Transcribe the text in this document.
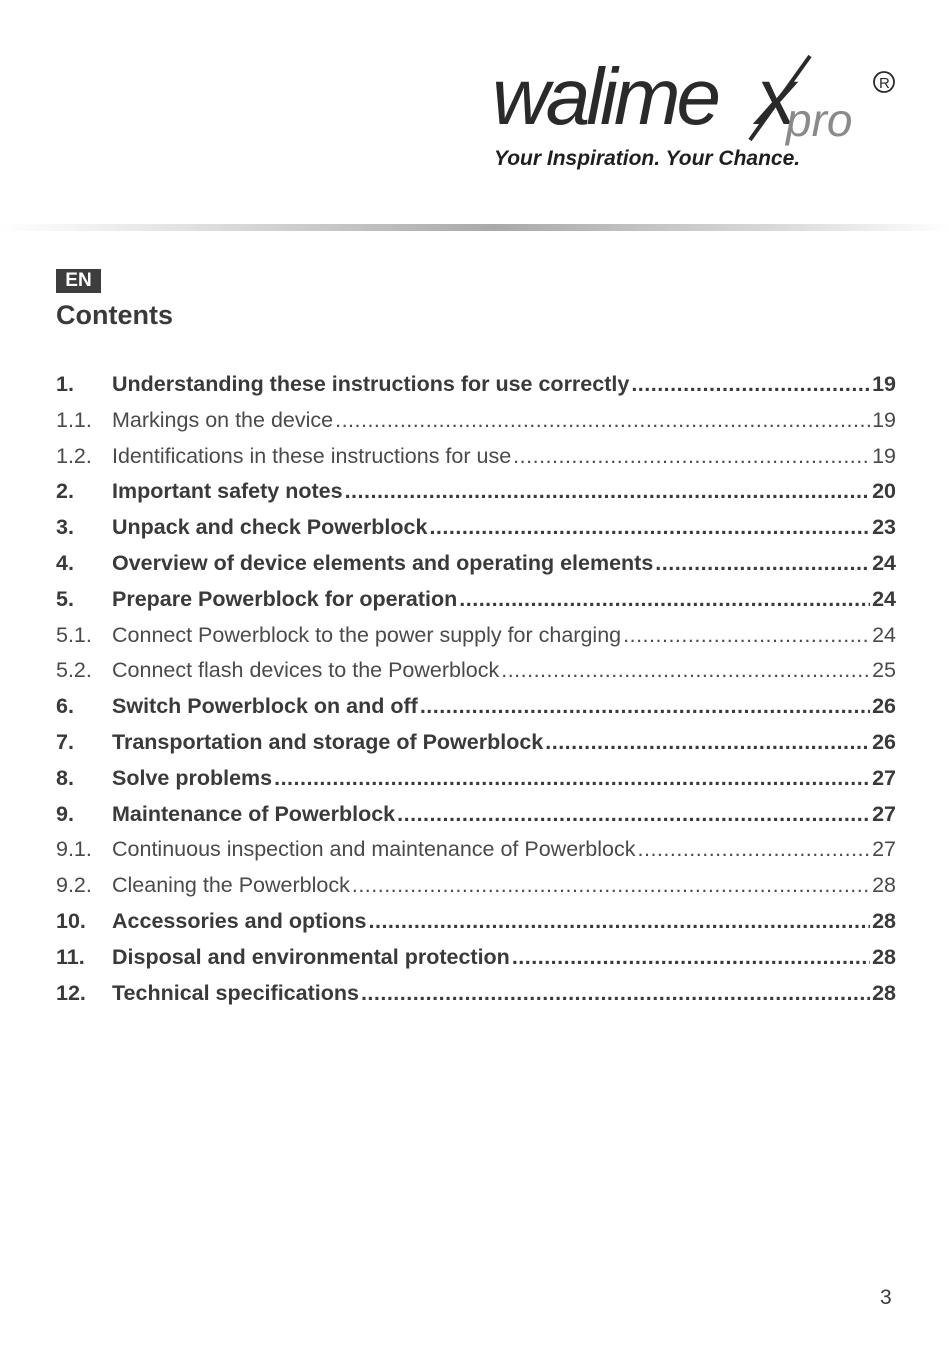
walime x
pro
R
Your Inspiration. Your Chance.
EN
Contents
1.	Understanding these instructions for use correctly .....	19
1.1. Markings on the device .....	19
1.2. Identifications in these instructions for use .....	19
2.	Important safety notes .....	20
3.	Unpack and check Powerblock .....	23
4.	Overview of device elements and operating elements .....	24
5.	Prepare Powerblock for operation .....	24
5.1. Connect Powerblock to the power supply for charging .....	24
5.2. Connect flash devices to the Powerblock .....	25
6.	Switch Powerblock on and off .....	26
7.	Transportation and storage of Powerblock .....	26
8.	Solve problems .....	27
9.	Maintenance of Powerblock .....	27
9.1. Continuous inspection and maintenance of Powerblock .....	27
9.2. Cleaning the Powerblock .....	28
10.	Accessories and options .....	28
11.	Disposal and environmental protection .....	28
12.	Technical specifications .....	28
3
